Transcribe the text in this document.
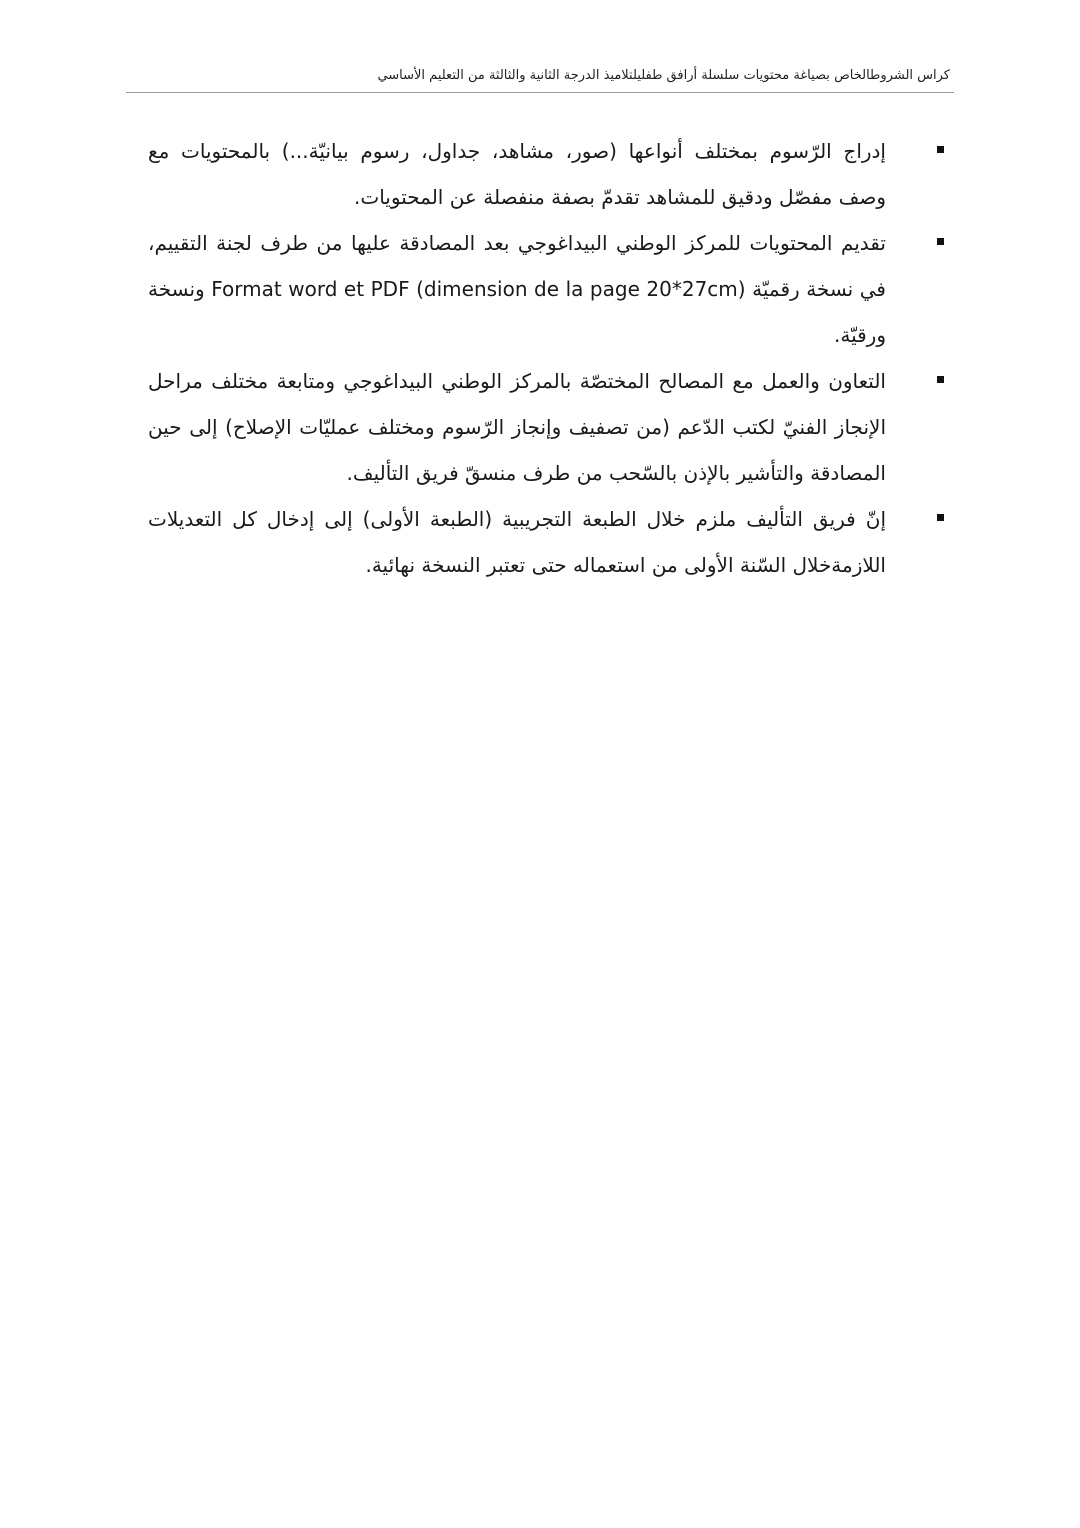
كراس الشروطالخاص بصياغة محتويات سلسلة أرافق طفليلتلاميذ الدرجة الثانية والثالثة من التعليم الأساسي
إدراج الرّسوم بمختلف أنواعها (صور، مشاهد، جداول، رسوم بيانيّة...) بالمحتويات مع وصف مفصّل ودقيق للمشاهد تقدمّ بصفة منفصلة عن المحتويات.
تقديم المحتويات للمركز الوطني البيداغوجي بعد المصادقة عليها من طرف لجنة التقييم، في نسخة رقميّة Format word et PDF (dimension de la page 20*27cm) ونسخة ورقيّة.
التعاون والعمل مع المصالح المختصّة بالمركز الوطني البيداغوجي ومتابعة مختلف مراحل الإنجاز الفنيّ لكتب الدّعم (من تصفيف وإنجاز الرّسوم ومختلف عمليّات الإصلاح) إلى حين المصادقة والتأشير بالإذن بالسّحب من طرف منسقّ فريق التأليف.
إنّ فريق التأليف ملزم خلال الطبعة التجريبية (الطبعة الأولى) إلى إدخال كل التعديلات اللازمةخلال السّنة الأولى من استعماله حتى تعتبر النسخة نهائية.
